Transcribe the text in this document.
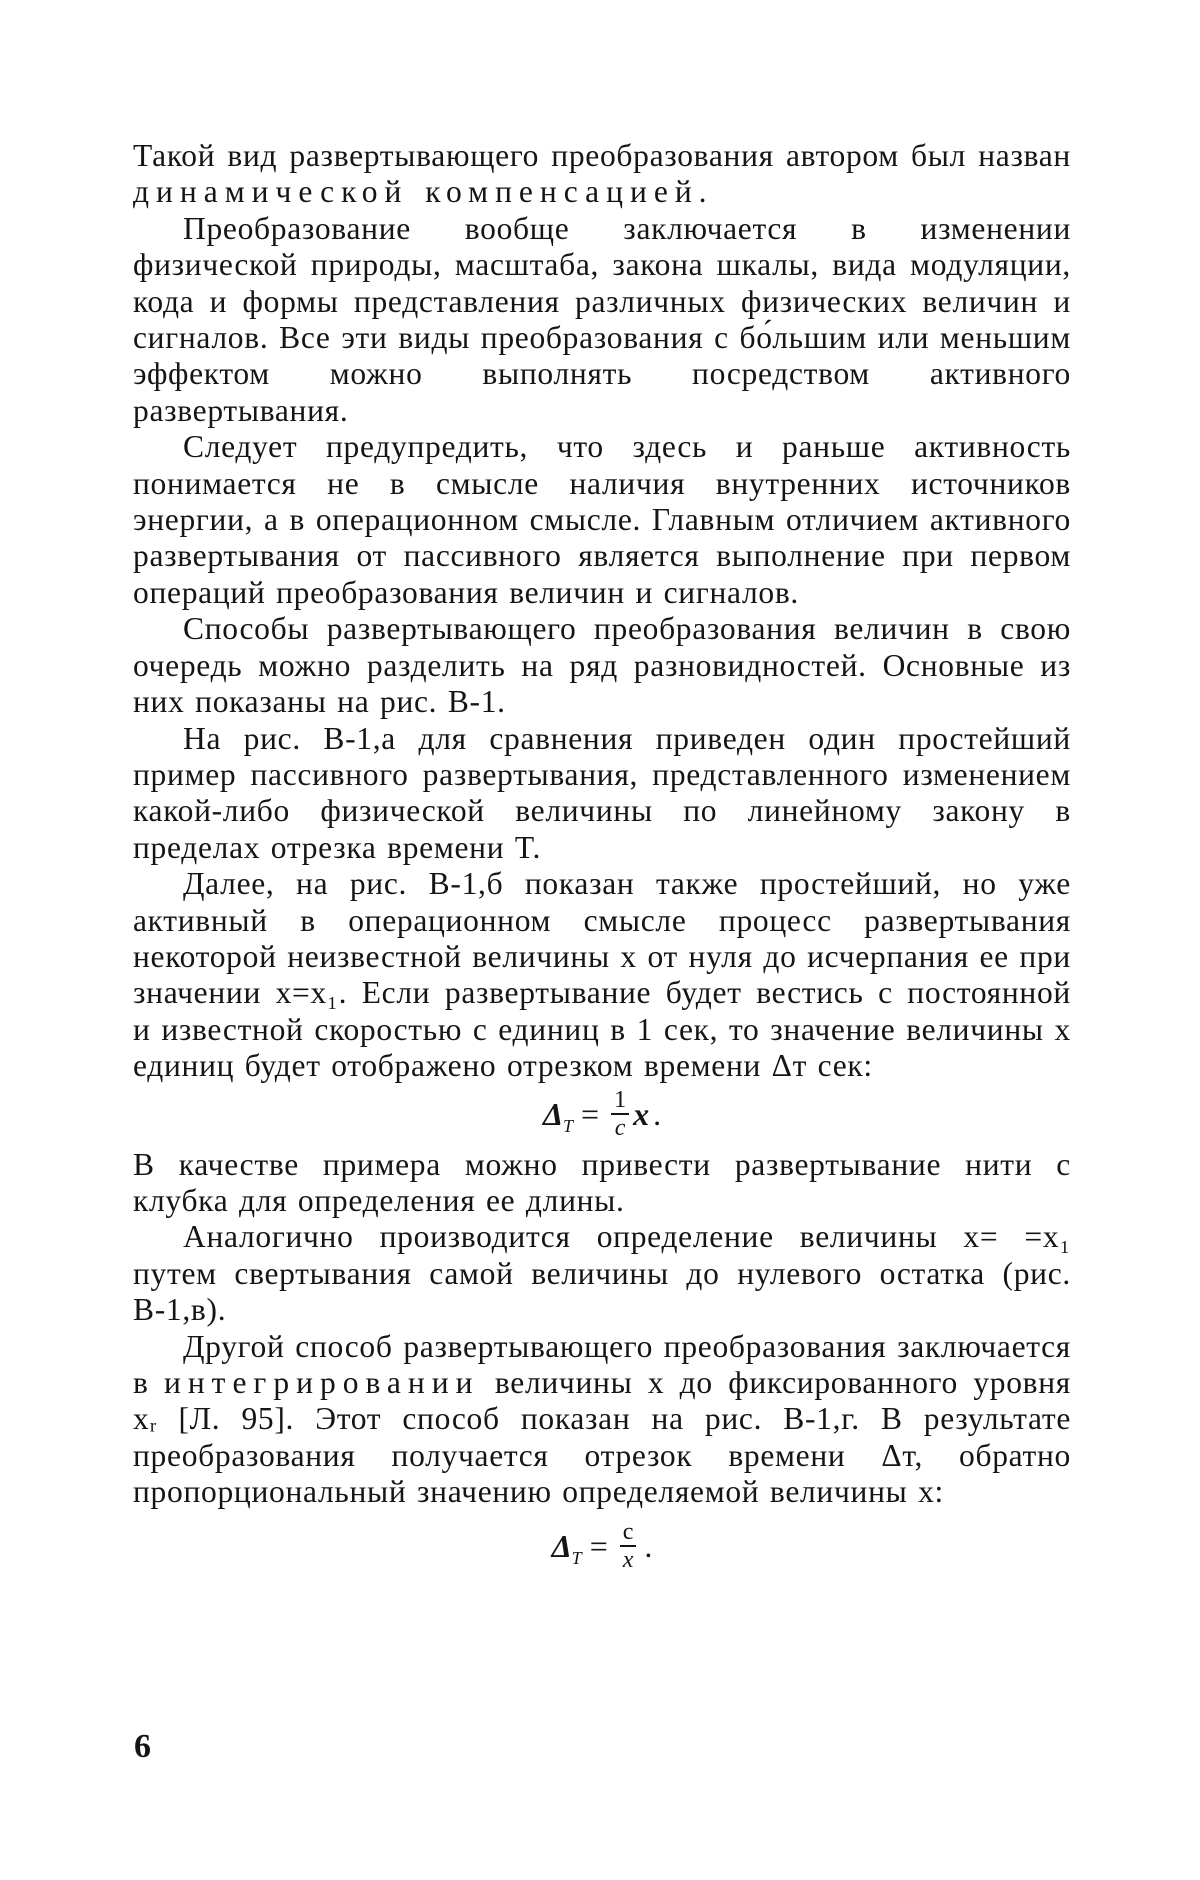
Такой вид развертывающего преобразования автором был назван динамической компенсацией.

Преобразование вообще заключается в изменении физической природы, масштаба, закона шкалы, вида модуляции, кода и формы представления различных физических величин и сигналов. Все эти виды преобразования с бо́льшим или меньшим эффектом можно выполнять посредством активного развертывания.

Следует предупредить, что здесь и раньше активность понимается не в смысле наличия внутренних источников энергии, а в операционном смысле. Главным отличием активного развертывания от пассивного является выполнение при первом операций преобразования величин и сигналов.

Способы развертывающего преобразования величин в свою очередь можно разделить на ряд разновидностей. Основные из них показаны на рис. В-1.

На рис. В-1,а для сравнения приведен один простейший пример пассивного развертывания, представленного изменением какой-либо физической величины по линейному закону в пределах отрезка времени T.

Далее, на рис. В-1,б показан также простейший, но уже активный в операционном смысле процесс развертывания некоторой неизвестной величины x от нуля до исчерпания ее при значении x=x₁. Если развертывание будет вестись с постоянной и известной скоростью c единиц в 1 сек, то значение величины x единиц будет отображено отрезком времени Δт сек:

Δ $T = \frac{1}{c}$ x .

В качестве примера можно привести развертывание нити с клубка для определения ее длины.

Аналогично производится определение величины x= =x₁ путем свертывания самой величины до нулевого остатка (рис. В-1,в).

Другой способ развертывающего преобразования заключается в интегрировании величины x до фиксированного уровня xᵣ [Л. 95]. Этот способ показан на рис. В-1,г. В результате преобразования получается отрезок времени Δт, обратно пропорциональный значению определяемой величины x:

Δ $T = \frac{c}{x}$ .
6
